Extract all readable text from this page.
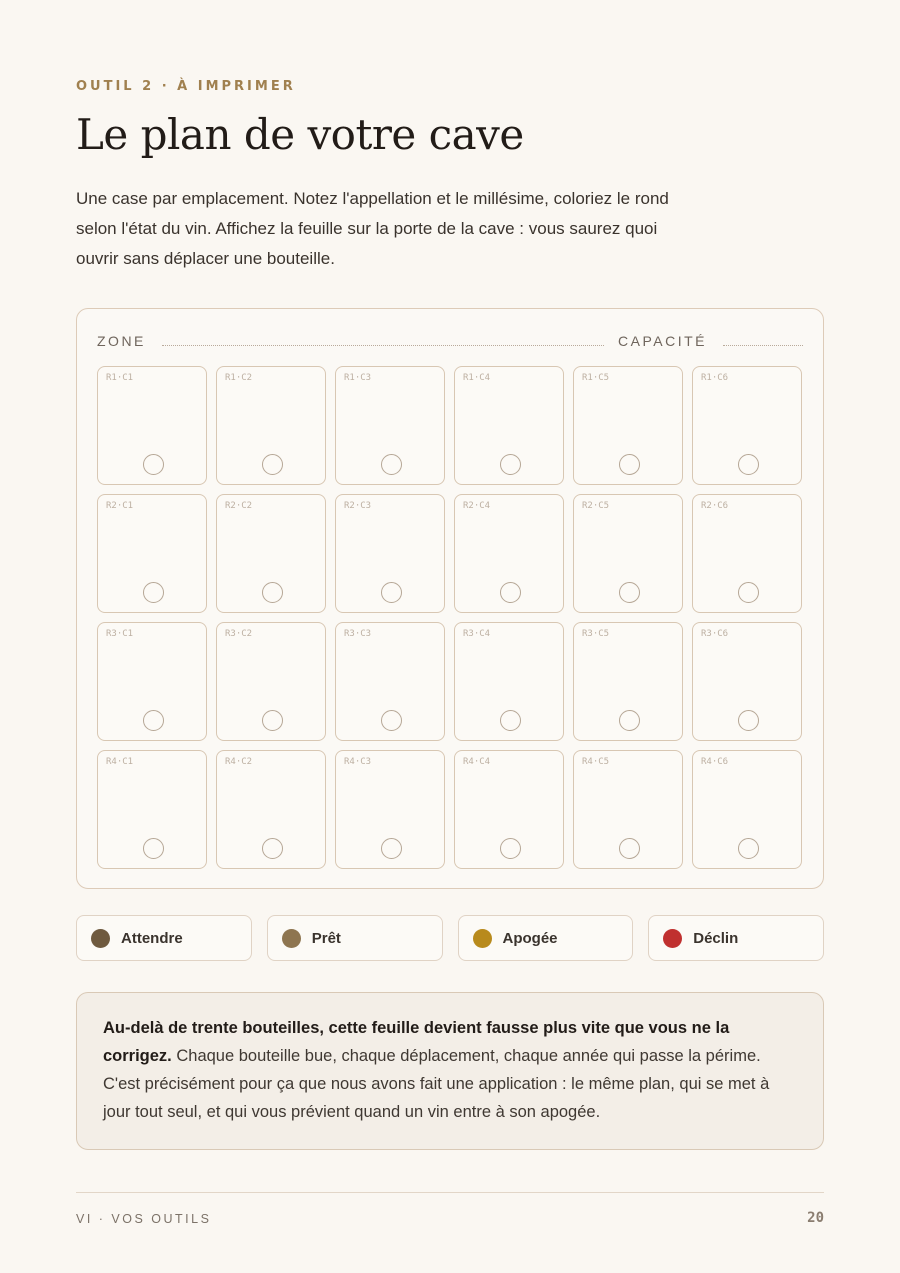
OUTIL 2 · À IMPRIMER
Le plan de votre cave

Une case par emplacement. Notez l'appellation et le millésime, coloriez le rond selon l'état du vin. Affichez la feuille sur la porte de la cave : vous saurez quoi ouvrir sans déplacer une bouteille.

ZONE	CAPACITÉ
R1·C1	R1·C2	R1·C3	R1·C4	R1·C5	R1·C6
R2·C1	R2·C2	R2·C3	R2·C4	R2·C5	R2·C6
R3·C1	R3·C2	R3·C3	R3·C4	R3·C5	R3·C6
R4·C1	R4·C2	R4·C3	R4·C4	R4·C5	R4·C6
Attendre	Prêt	Apogée	Déclin
Au-delà de trente bouteilles, cette feuille devient fausse plus vite que vous ne la corrigez. Chaque bouteille bue, chaque déplacement, chaque année qui passe la périme. C'est précisément pour ça que nous avons fait une application : le même plan, qui se met à jour tout seul, et qui vous prévient quand un vin entre à son apogée.
VI · VOS OUTILS	20
